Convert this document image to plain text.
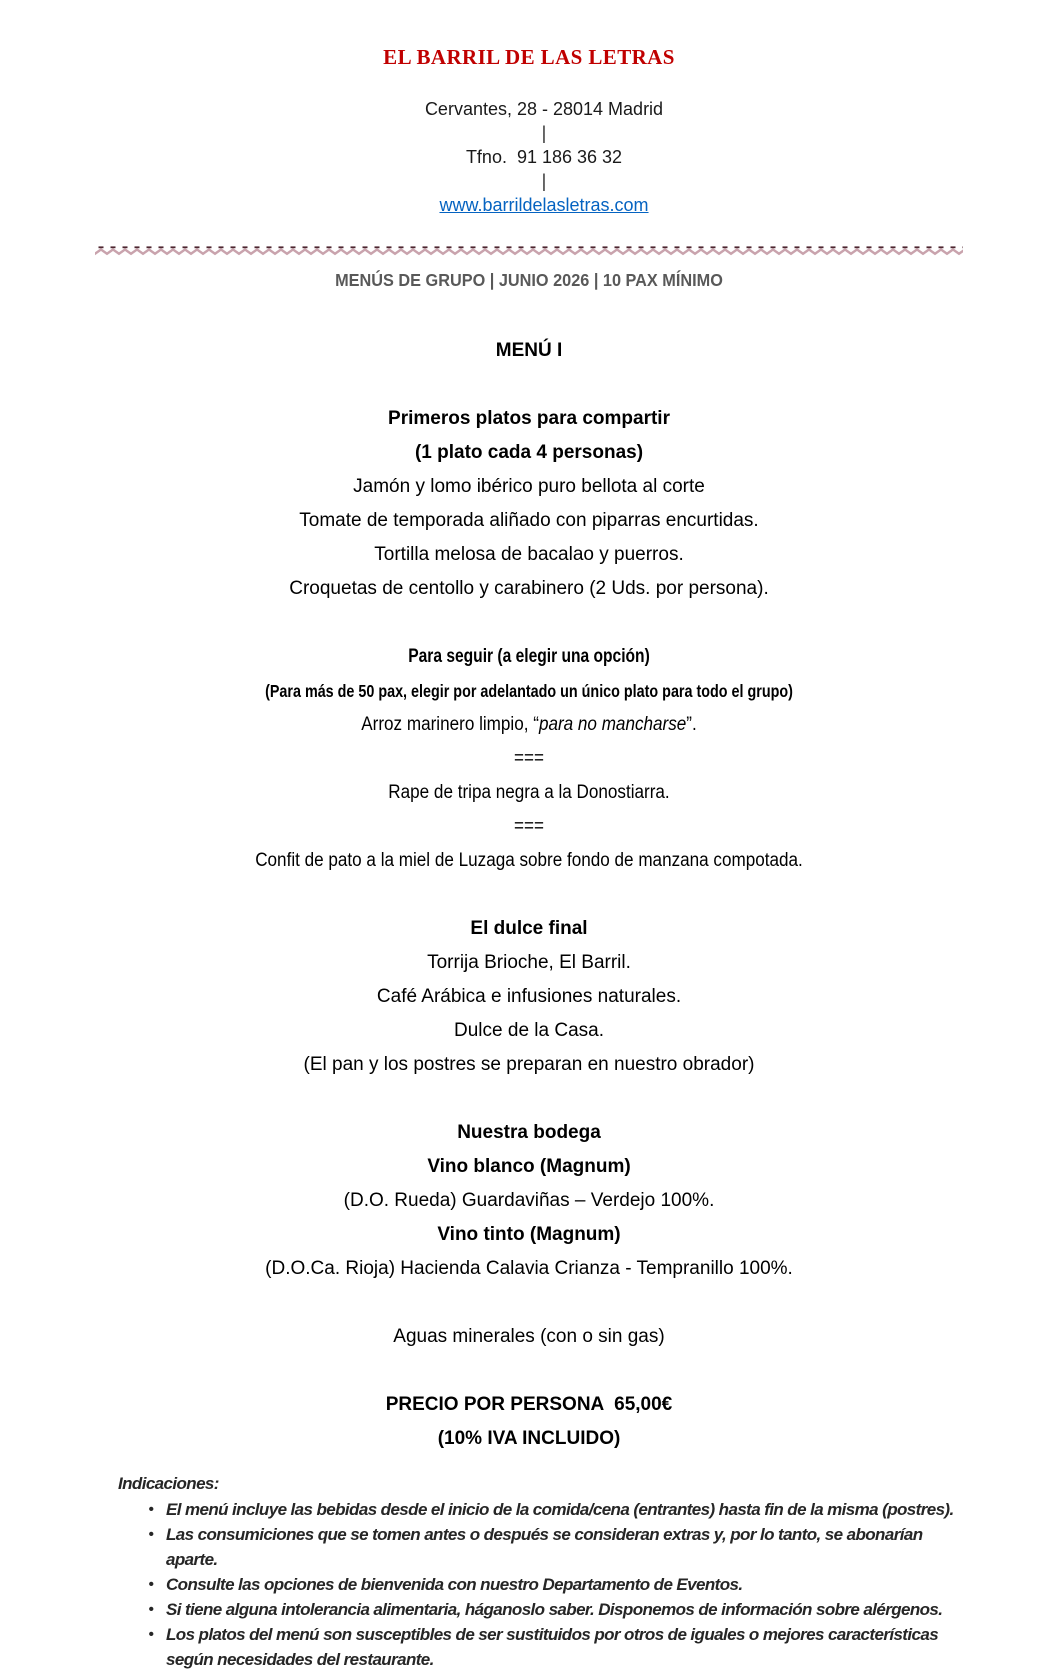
EL BARRIL DE LAS LETRAS

Cervantes, 28 - 28014 Madrid
|
Tfno.  91 186 36 32
|
www.barrildelasletras.com

MENÚS DE GRUPO | JUNIO 2026 | 10 PAX MÍNIMO

MENÚ I

Primeros platos para compartir

(1 plato cada 4 personas)

Jamón y lomo ibérico puro bellota al corte

Tomate de temporada aliñado con piparras encurtidas.

Tortilla melosa de bacalao y puerros.

Croquetas de centollo y carabinero (2 Uds. por persona).

Para seguir (a elegir una opción)

(Para más de 50 pax, elegir por adelantado un único plato para todo el grupo)

Arroz marinero limpio, “para no mancharse”.

===

Rape de tripa negra a la Donostiarra.

===

Confit de pato a la miel de Luzaga sobre fondo de manzana compotada.

El dulce final

Torrija Brioche, El Barril.

Café Arábica e infusiones naturales.

Dulce de la Casa.

(El pan y los postres se preparan en nuestro obrador)

Nuestra bodega

Vino blanco (Magnum)

(D.O. Rueda) Guardaviñas – Verdejo 100%.

Vino tinto (Magnum)

(D.O.Ca. Rioja) Hacienda Calavia Crianza - Tempranillo 100%.

Aguas minerales (con o sin gas)

PRECIO POR PERSONA  65,00€

(10% IVA INCLUIDO)

Indicaciones:

• El menú incluye las bebidas desde el inicio de la comida/cena (entrantes) hasta fin de la misma (postres).
• Las consumiciones que se tomen antes o después se consideran extras y, por lo tanto, se abonarían aparte.
• Consulte las opciones de bienvenida con nuestro Departamento de Eventos.
• Si tiene alguna intolerancia alimentaria, háganoslo saber. Disponemos de información sobre alérgenos.
• Los platos del menú son susceptibles de ser sustituidos por otros de iguales o mejores características según necesidades del restaurante.
